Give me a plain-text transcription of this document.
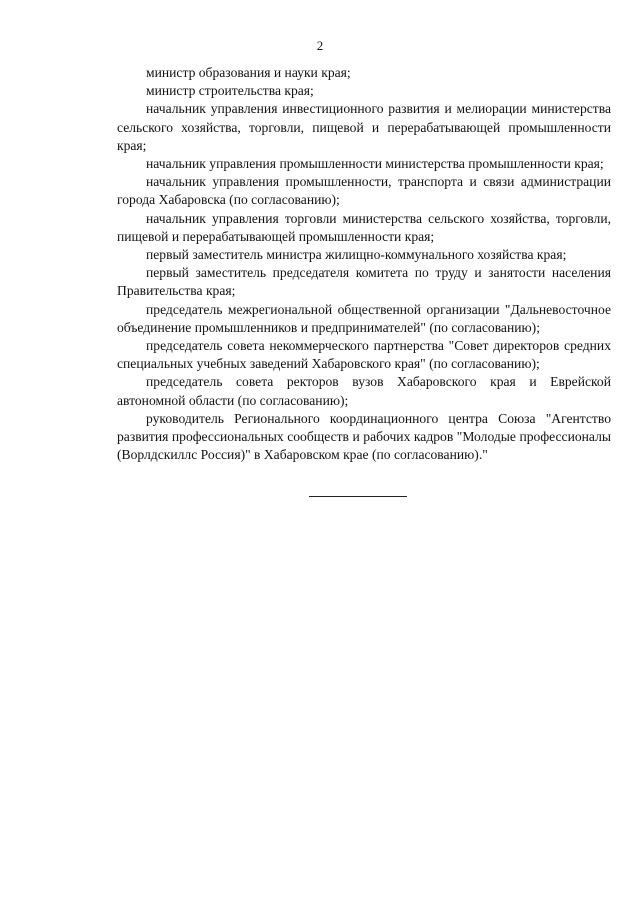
2

министр образования и науки края;

министр строительства края;

начальник управления инвестиционного развития и мелиорации министерства сельского хозяйства, торговли, пищевой и перерабатывающей промышленности края;

начальник управления промышленности министерства промышленности края;

начальник управления промышленности, транспорта и связи администрации города Хабаровска (по согласованию);

начальник управления торговли министерства сельского хозяйства, торговли, пищевой и перерабатывающей промышленности края;

первый заместитель министра жилищно-коммунального хозяйства края;

первый заместитель председателя комитета по труду и занятости населения Правительства края;

председатель межрегиональной общественной организации "Дальневосточное объединение промышленников и предпринимателей" (по согласованию);

председатель совета некоммерческого партнерства "Совет директоров средних специальных учебных заведений Хабаровского края" (по согласованию);

председатель совета ректоров вузов Хабаровского края и Еврейской автономной области (по согласованию);

руководитель Регионального координационного центра Союза "Агентство развития профессиональных сообществ и рабочих кадров "Молодые профессионалы (Ворлдскиллс Россия)" в Хабаровском крае (по согласованию)."
